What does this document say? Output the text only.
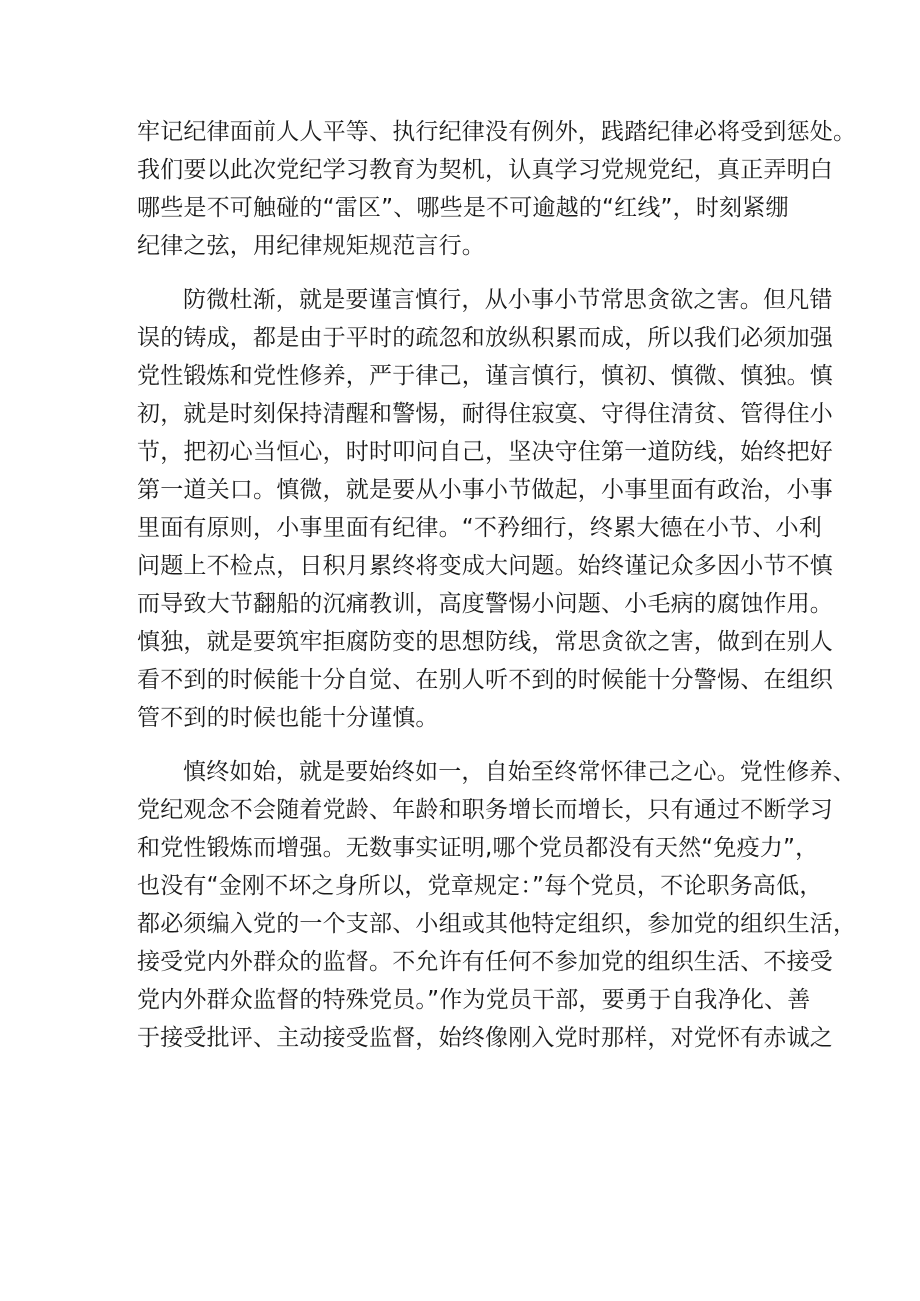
牢记纪律面前人人平等、执行纪律没有例外，践踏纪律必将受到惩处。
我们要以此次党纪学习教育为契机，认真学习党规党纪，真正弄明白
哪些是不可触碰的“雷区”、哪些是不可逾越的“红线”，时刻紧绷
纪律之弦，用纪律规矩规范言行。
防微杜渐，就是要谨言慎行，从小事小节常思贪欲之害。但凡错
误的铸成，都是由于平时的疏忽和放纵积累而成，所以我们必须加强
党性锻炼和党性修养，严于律己，谨言慎行，慎初、慎微、慎独。慎
初，就是时刻保持清醒和警惕，耐得住寂寞、守得住清贫、管得住小
节，把初心当恒心，时时叩问自己，坚决守住第一道防线，始终把好
第一道关口。慎微，就是要从小事小节做起，小事里面有政治，小事
里面有原则，小事里面有纪律。“不矜细行，终累大德在小节、小利
问题上不检点，日积月累终将变成大问题。始终谨记众多因小节不慎
而导致大节翻船的沉痛教训，高度警惕小问题、小毛病的腐蚀作用。
慎独，就是要筑牢拒腐防变的思想防线，常思贪欲之害，做到在别人
看不到的时候能十分自觉、在别人听不到的时候能十分警惕、在组织
管不到的时候也能十分谨慎。
慎终如始，就是要始终如一，自始至终常怀律己之心。党性修养、
党纪观念不会随着党龄、年龄和职务增长而增长，只有通过不断学习
和党性锻炼而增强。无数事实证明,哪个党员都没有天然“免疫力”，
也没有“金刚不坏之身所以，党章规定：”每个党员，不论职务高低，
都必须编入党的一个支部、小组或其他特定组织，参加党的组织生活，
接受党内外群众的监督。不允许有任何不参加党的组织生活、不接受
党内外群众监督的特殊党员。”作为党员干部，要勇于自我净化、善
于接受批评、主动接受监督，始终像刚入党时那样，对党怀有赤诚之
